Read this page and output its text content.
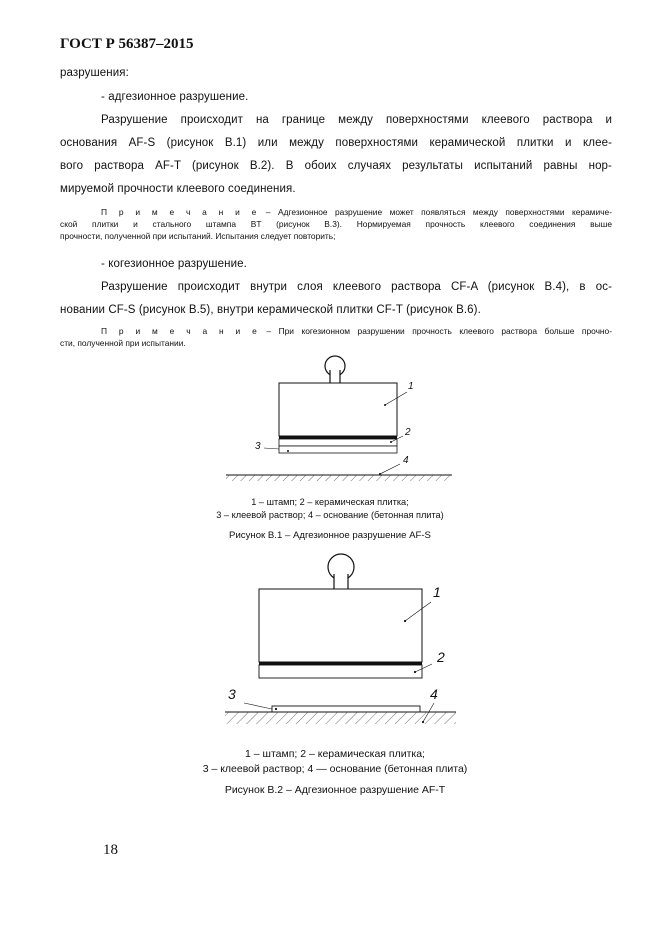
ГОСТ Р 56387–2015
разрушения:
- адгезионное разрушение.
Разрушение происходит на границе между поверхностями клеевого раствора и
основания AF-S (рисунок B.1) или между поверхностями керамической плитки и клее-
вого раствора AF-T (рисунок B.2). В обоих случаях результаты испытаний равны нор-
мируемой прочности клеевого соединения.
П р и м е ч а н и е – Адгезионное разрушение может появляться между поверхностями керамиче-
ской плитки и стального штампа BT (рисунок B.3). Нормируемая прочность клеевого соединения выше
прочности, полученной при испытаний. Испытания следует повторить;
- когезионное разрушение.
Разрушение происходит внутри слоя клеевого раствора CF-A (рисунок B.4), в ос-
новании CF-S (рисунок B.5), внутри керамической плитки CF-T (рисунок B.6).
П р и м е ч а н и е – При когезионном разрушении прочность клеевого раствора больше прочно-
сти, полученной при испытании.
1
2
3
4
1 – штамп; 2 – керамическая плитка;
3 – клеевой раствор; 4 – основание (бетонная плита)
Рисунок B.1 – Адгезионное разрушение AF-S
1
2
3	4
1 – штамп; 2 – керамическая плитка;
3 – клеевой раствор; 4 — основание (бетонная плита)
Рисунок B.2 – Адгезионное разрушение AF-T
18
